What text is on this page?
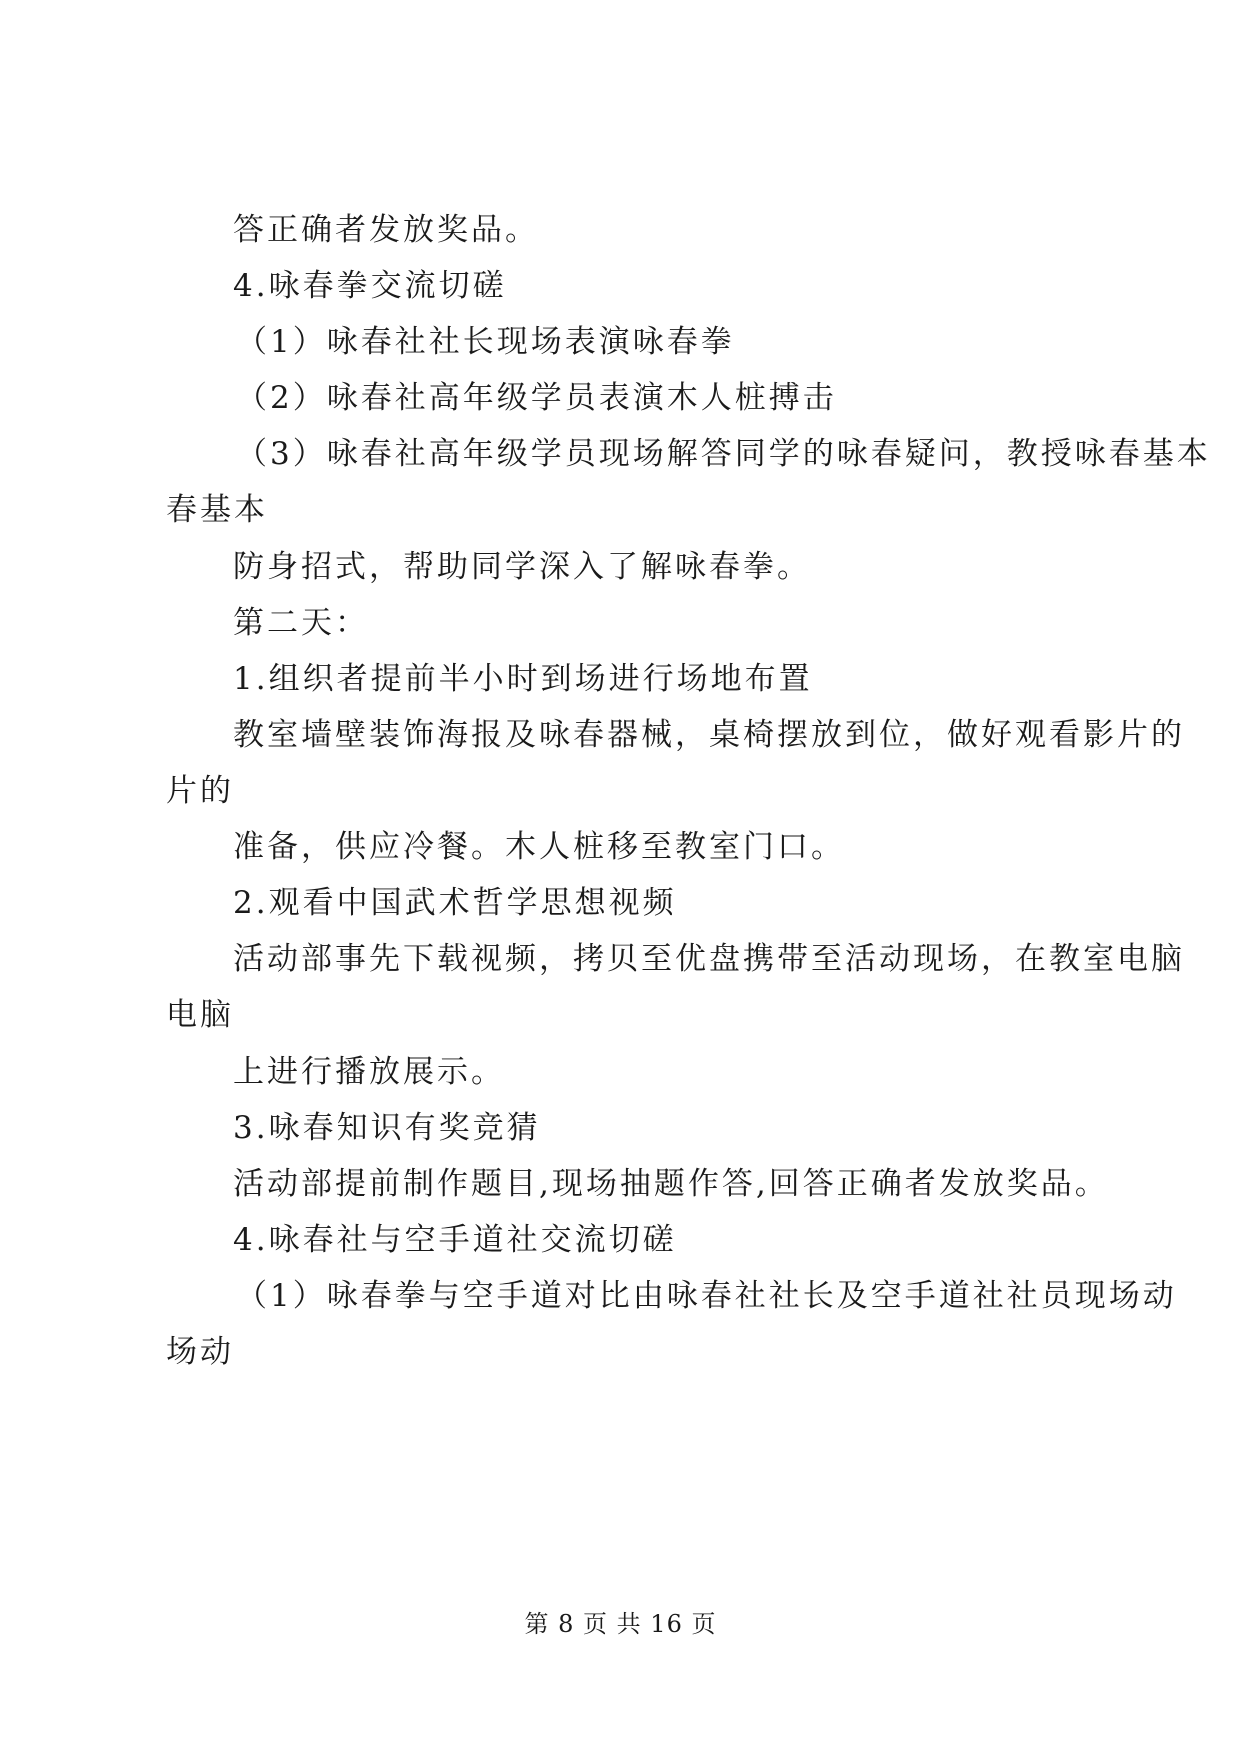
答正确者发放奖品。
4.咏春拳交流切磋
（1）咏春社社长现场表演咏春拳
（2）咏春社高年级学员表演木人桩搏击
（3）咏春社高年级学员现场解答同学的咏春疑问，教授咏春基本
春基本
防身招式，帮助同学深入了解咏春拳。
第二天：
1.组织者提前半小时到场进行场地布置
教室墙壁装饰海报及咏春器械，桌椅摆放到位，做好观看影片的
片的
准备，供应冷餐。木人桩移至教室门口。
2.观看中国武术哲学思想视频
活动部事先下载视频，拷贝至优盘携带至活动现场，在教室电脑
电脑
上进行播放展示。
3.咏春知识有奖竞猜
活动部提前制作题目,现场抽题作答,回答正确者发放奖品。
4.咏春社与空手道社交流切磋
（1）咏春拳与空手道对比由咏春社社长及空手道社社员现场动
场动
第 8 页 共 16 页
